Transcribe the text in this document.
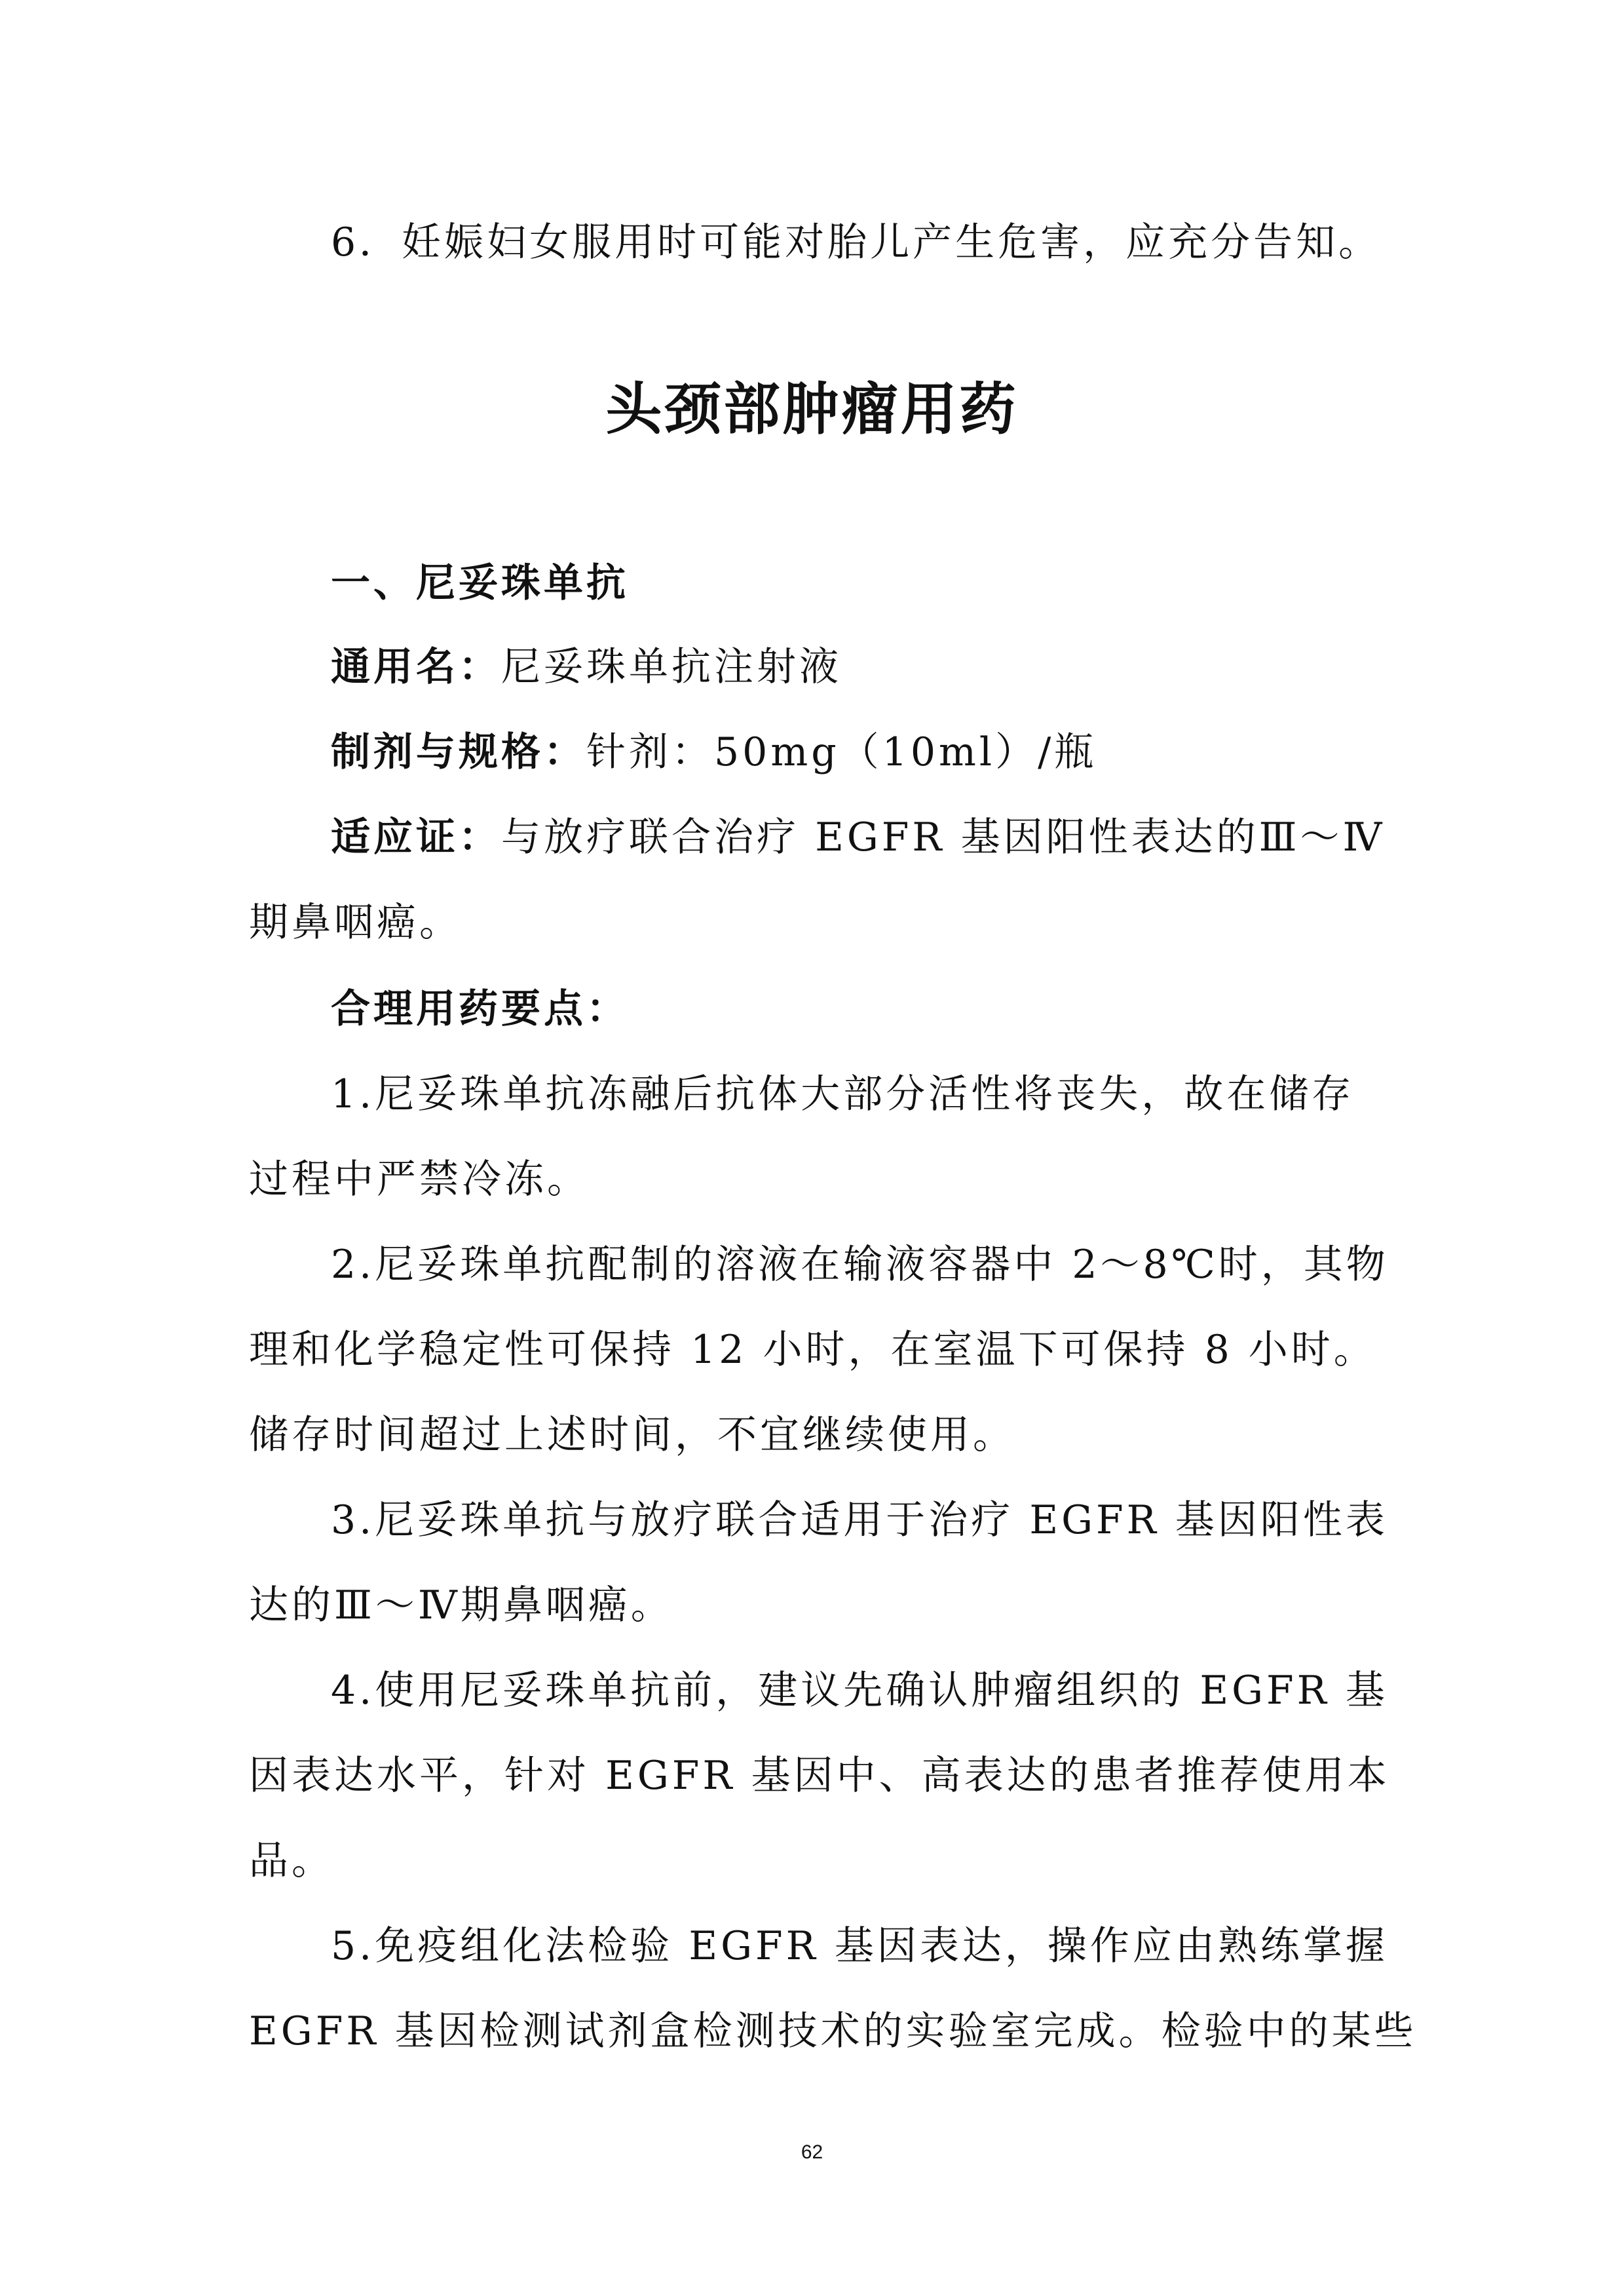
6．妊娠妇女服用时可能对胎儿产生危害，应充分告知。
头颈部肿瘤用药
一、尼妥珠单抗
通用名：尼妥珠单抗注射液
制剂与规格：针剂：50mg（10ml）/瓶
适应证：与放疗联合治疗 EGFR 基因阳性表达的Ⅲ～Ⅳ
期鼻咽癌。
合理用药要点：
1.尼妥珠单抗冻融后抗体大部分活性将丧失，故在储存
过程中严禁冷冻。
2.尼妥珠单抗配制的溶液在输液容器中 2～8℃时，其物
理和化学稳定性可保持 12 小时，在室温下可保持 8 小时。
储存时间超过上述时间，不宜继续使用。
3.尼妥珠单抗与放疗联合适用于治疗 EGFR 基因阳性表
达的Ⅲ～Ⅳ期鼻咽癌。
4.使用尼妥珠单抗前，建议先确认肿瘤组织的 EGFR 基
因表达水平，针对 EGFR 基因中、高表达的患者推荐使用本
品。
5.免疫组化法检验 EGFR 基因表达，操作应由熟练掌握
EGFR 基因检测试剂盒检测技术的实验室完成。检验中的某些
62
